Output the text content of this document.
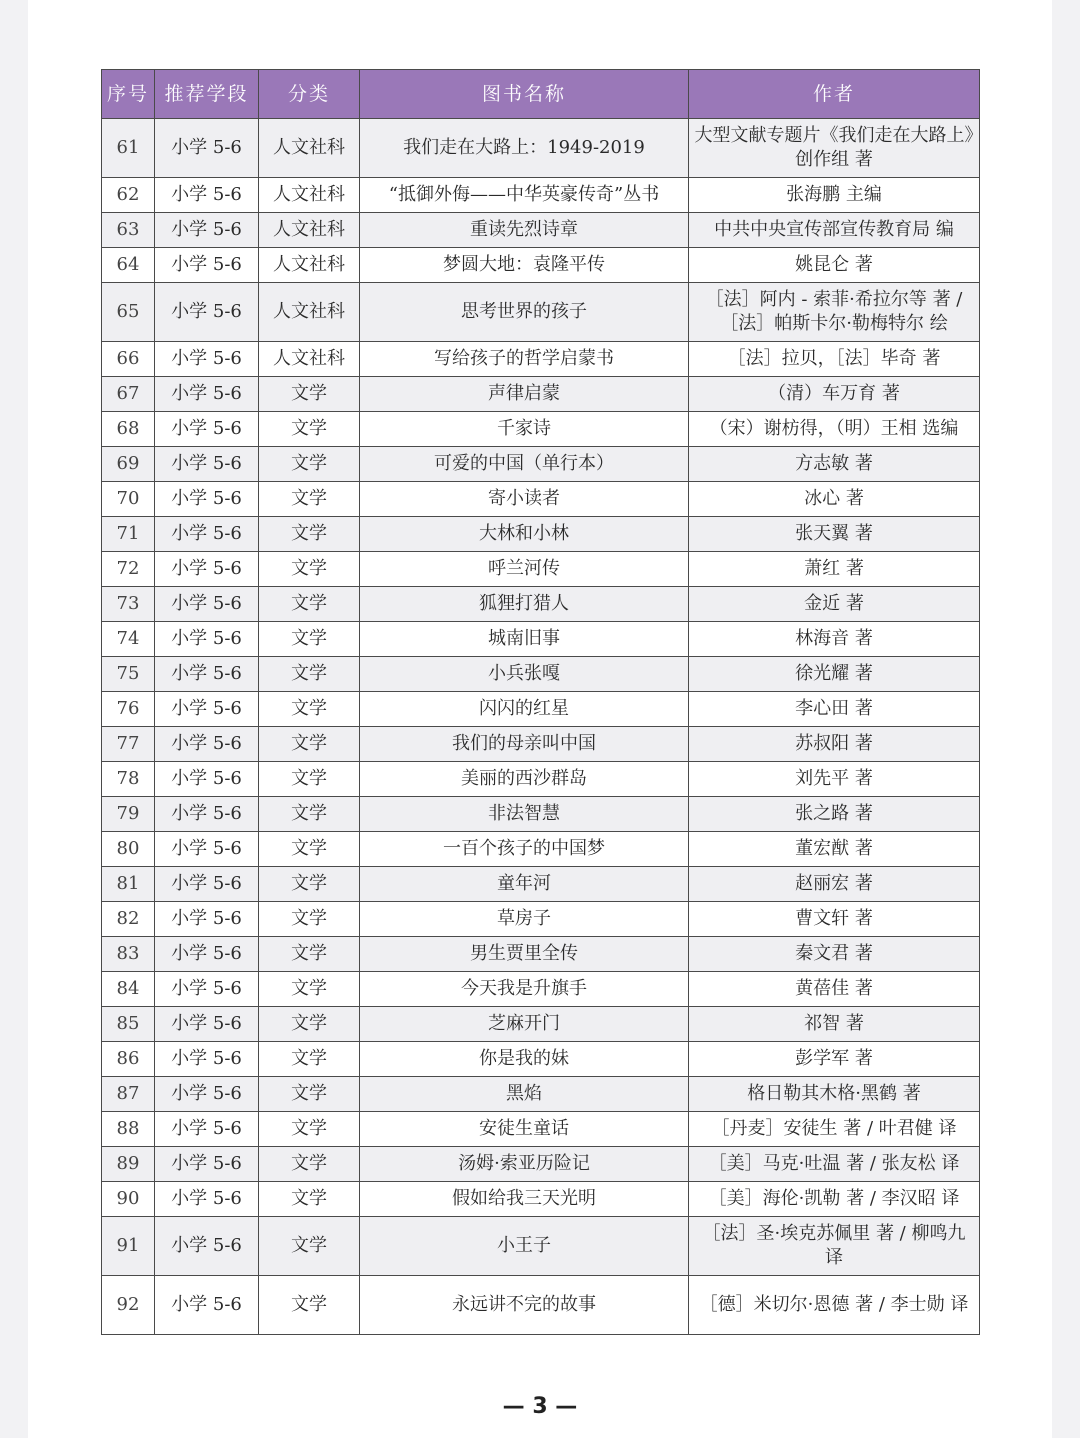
序号	推荐学段	分类	图书名称	作者
61	小学 5-6	人文社科	我们走在大路上：1949-2019	大型文献专题片《我们走在大路上》创作组 著
62	小学 5-6	人文社科	“抵御外侮——中华英豪传奇”丛书	张海鹏 主编
63	小学 5-6	人文社科	重读先烈诗章	中共中央宣传部宣传教育局 编
64	小学 5-6	人文社科	梦圆大地：袁隆平传	姚昆仑 著
65	小学 5-6	人文社科	思考世界的孩子	［法］阿内 - 索菲·希拉尔等 著 /［法］帕斯卡尔·勒梅特尔 绘
66	小学 5-6	人文社科	写给孩子的哲学启蒙书	［法］拉贝，［法］毕奇 著
67	小学 5-6	文学	声律启蒙	（清）车万育 著
68	小学 5-6	文学	千家诗	（宋）谢枋得，（明）王相 选编
69	小学 5-6	文学	可爱的中国（单行本）	方志敏 著
70	小学 5-6	文学	寄小读者	冰心 著
71	小学 5-6	文学	大林和小林	张天翼 著
72	小学 5-6	文学	呼兰河传	萧红 著
73	小学 5-6	文学	狐狸打猎人	金近 著
74	小学 5-6	文学	城南旧事	林海音 著
75	小学 5-6	文学	小兵张嘎	徐光耀 著
76	小学 5-6	文学	闪闪的红星	李心田 著
77	小学 5-6	文学	我们的母亲叫中国	苏叔阳 著
78	小学 5-6	文学	美丽的西沙群岛	刘先平 著
79	小学 5-6	文学	非法智慧	张之路 著
80	小学 5-6	文学	一百个孩子的中国梦	董宏猷 著
81	小学 5-6	文学	童年河	赵丽宏 著
82	小学 5-6	文学	草房子	曹文轩 著
83	小学 5-6	文学	男生贾里全传	秦文君 著
84	小学 5-6	文学	今天我是升旗手	黄蓓佳 著
85	小学 5-6	文学	芝麻开门	祁智 著
86	小学 5-6	文学	你是我的妹	彭学军 著
87	小学 5-6	文学	黑焰	格日勒其木格·黑鹤 著
88	小学 5-6	文学	安徒生童话	［丹麦］安徒生 著 / 叶君健 译
89	小学 5-6	文学	汤姆·索亚历险记	［美］马克·吐温 著 / 张友松 译
90	小学 5-6	文学	假如给我三天光明	［美］海伦·凯勒 著 / 李汉昭 译
91	小学 5-6	文学	小王子	［法］圣·埃克苏佩里 著 / 柳鸣九 译
92	小学 5-6	文学	永远讲不完的故事	［德］米切尔·恩德 著 / 李士勋 译
— 3 —
